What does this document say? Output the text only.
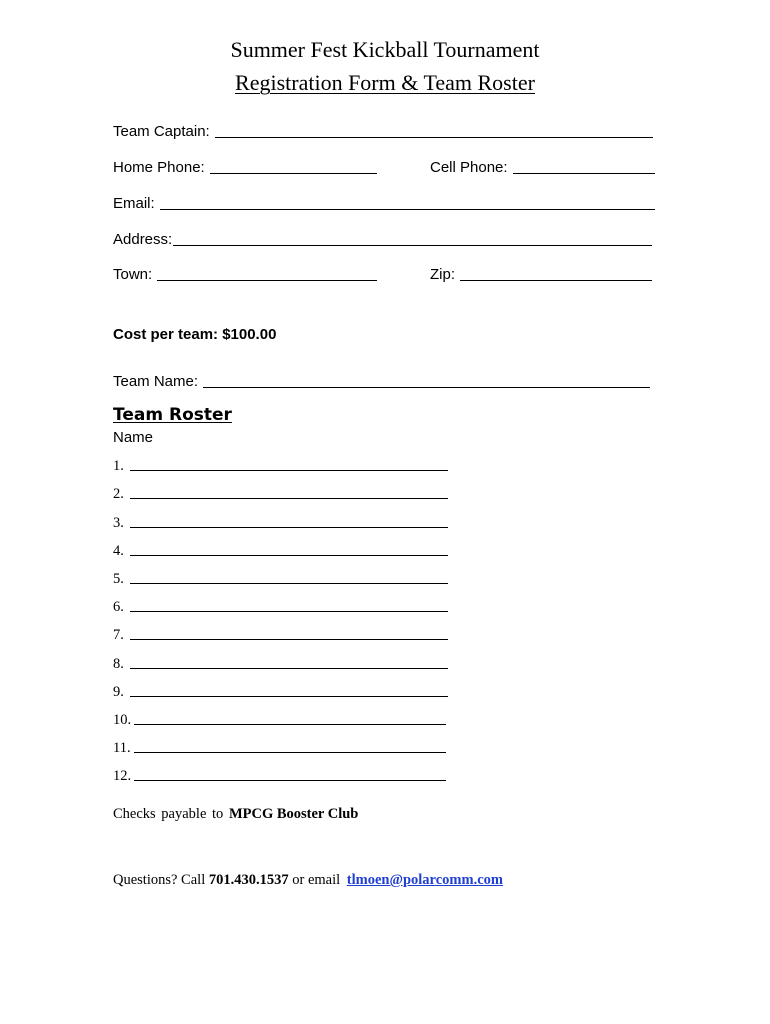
Summer Fest Kickball Tournament
Registration Form & Team Roster
Team Captain:
Home Phone:	Cell Phone:
Email:
Address:
Town:	Zip:
Cost per team: $100.00
Team Name:
Team Roster
Name
1.
2.
3.
4.
5.
6.
7.
8.
9.
10.
11.
12.
Checks payable to MPCG Booster Club
Questions? Call 701.430.1537 or email tlmoen@polarcomm.com
